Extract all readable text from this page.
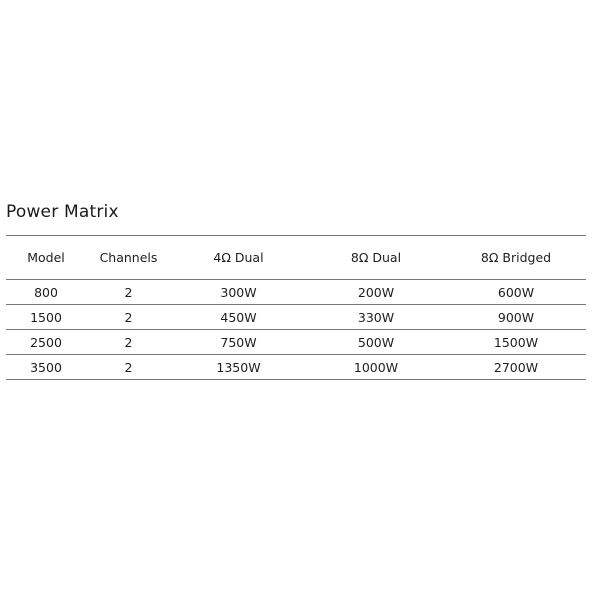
Power Matrix
Model	Channels	4Ω Dual	8Ω Dual	8Ω Bridged
800	2	300W	200W	600W
1500	2	450W	330W	900W
2500	2	750W	500W	1500W
3500	2	1350W	1000W	2700W
